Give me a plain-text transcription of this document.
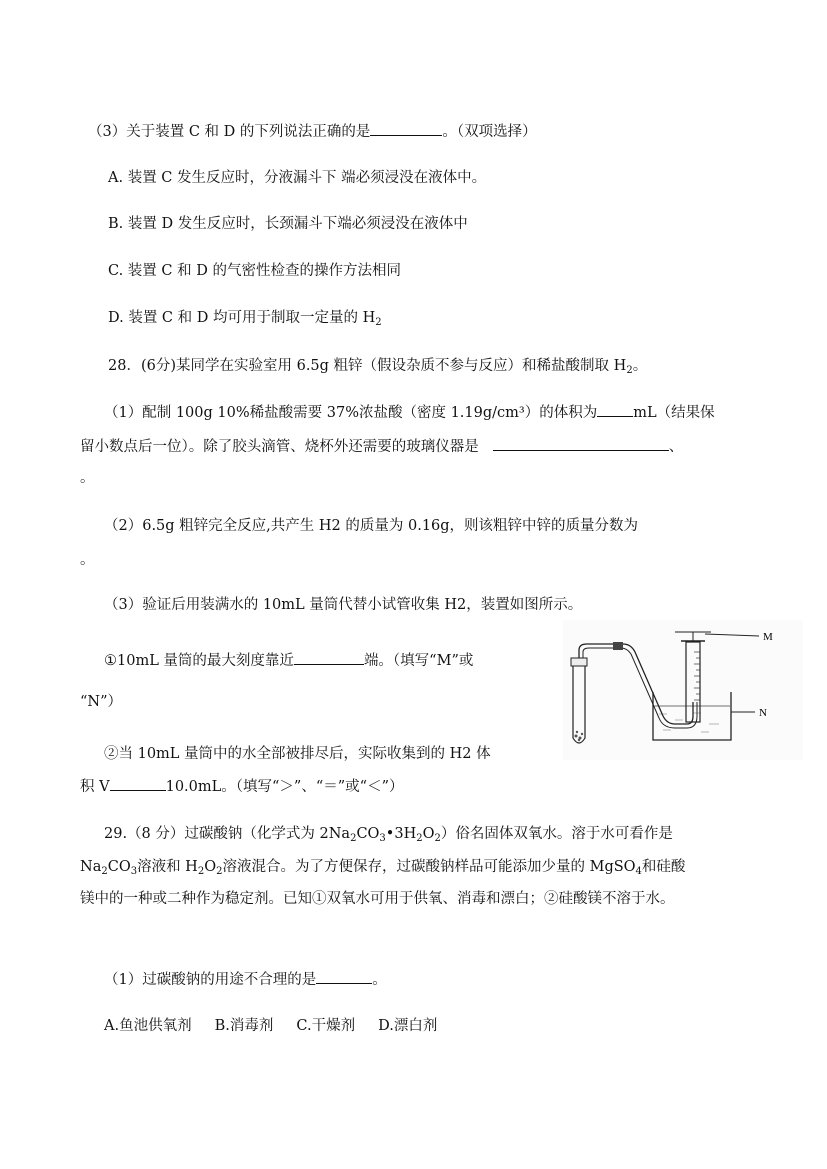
（3）关于装置 C 和 D 的下列说法正确的是	。（双项选择）
A. 装置 C 发生反应时，分液漏斗下 端必须浸没在液体中。
B. 装置 D 发生反应时，长颈漏斗下端必须浸没在液体中
C. 装置 C 和 D 的气密性检查的操作方法相同
D. 装置 C 和 D 均可用于制取一定量的 $H_2$
28．(6分)某同学在实验室用 6.5g 粗锌（假设杂质不参与反应）和稀盐酸制取 $H_2$。
（1）配制 100g 10%稀盐酸需要 37%浓盐酸（密度 1.19g/cm³）的体积为 mL（结果保
留小数点后一位）。除了胶头滴管、烧杯外还需要的玻璃仪器是	、
。
（2）6.5g 粗锌完全反应,共产生 H2 的质量为 0.16g，则该粗锌中锌的质量分数为
。
（3）验证后用装满水的 10mL 量筒代替小试管收集 H2，装置如图所示。
①10mL 量筒的最大刻度靠近	端。（填写“M”或
“N”）
②当 10mL 量筒中的水全部被排尽后，实际收集到的 H2 体
积 V	10.0mL。（填写“＞”、“＝”或“＜”）
M
N
29.（8 分）过碳酸钠（化学式为 $2Na_2CO_3•3H_2O_2$）俗名固体双氧水。溶于水可看作是
$Na_2CO_3$溶液和 $H_2O_2$溶液混合。为了方便保存，过碳酸钠样品可能添加少量的 MgSO$_4$和硅酸
镁中的一种或二种作为稳定剂。已知①双氧水可用于供氧、消毒和漂白；②硅酸镁不溶于水。
（1）过碳酸钠的用途不合理的是	。
A.鱼池供氧剂     B.消毒剂     C.干燥剂     D.漂白剂
